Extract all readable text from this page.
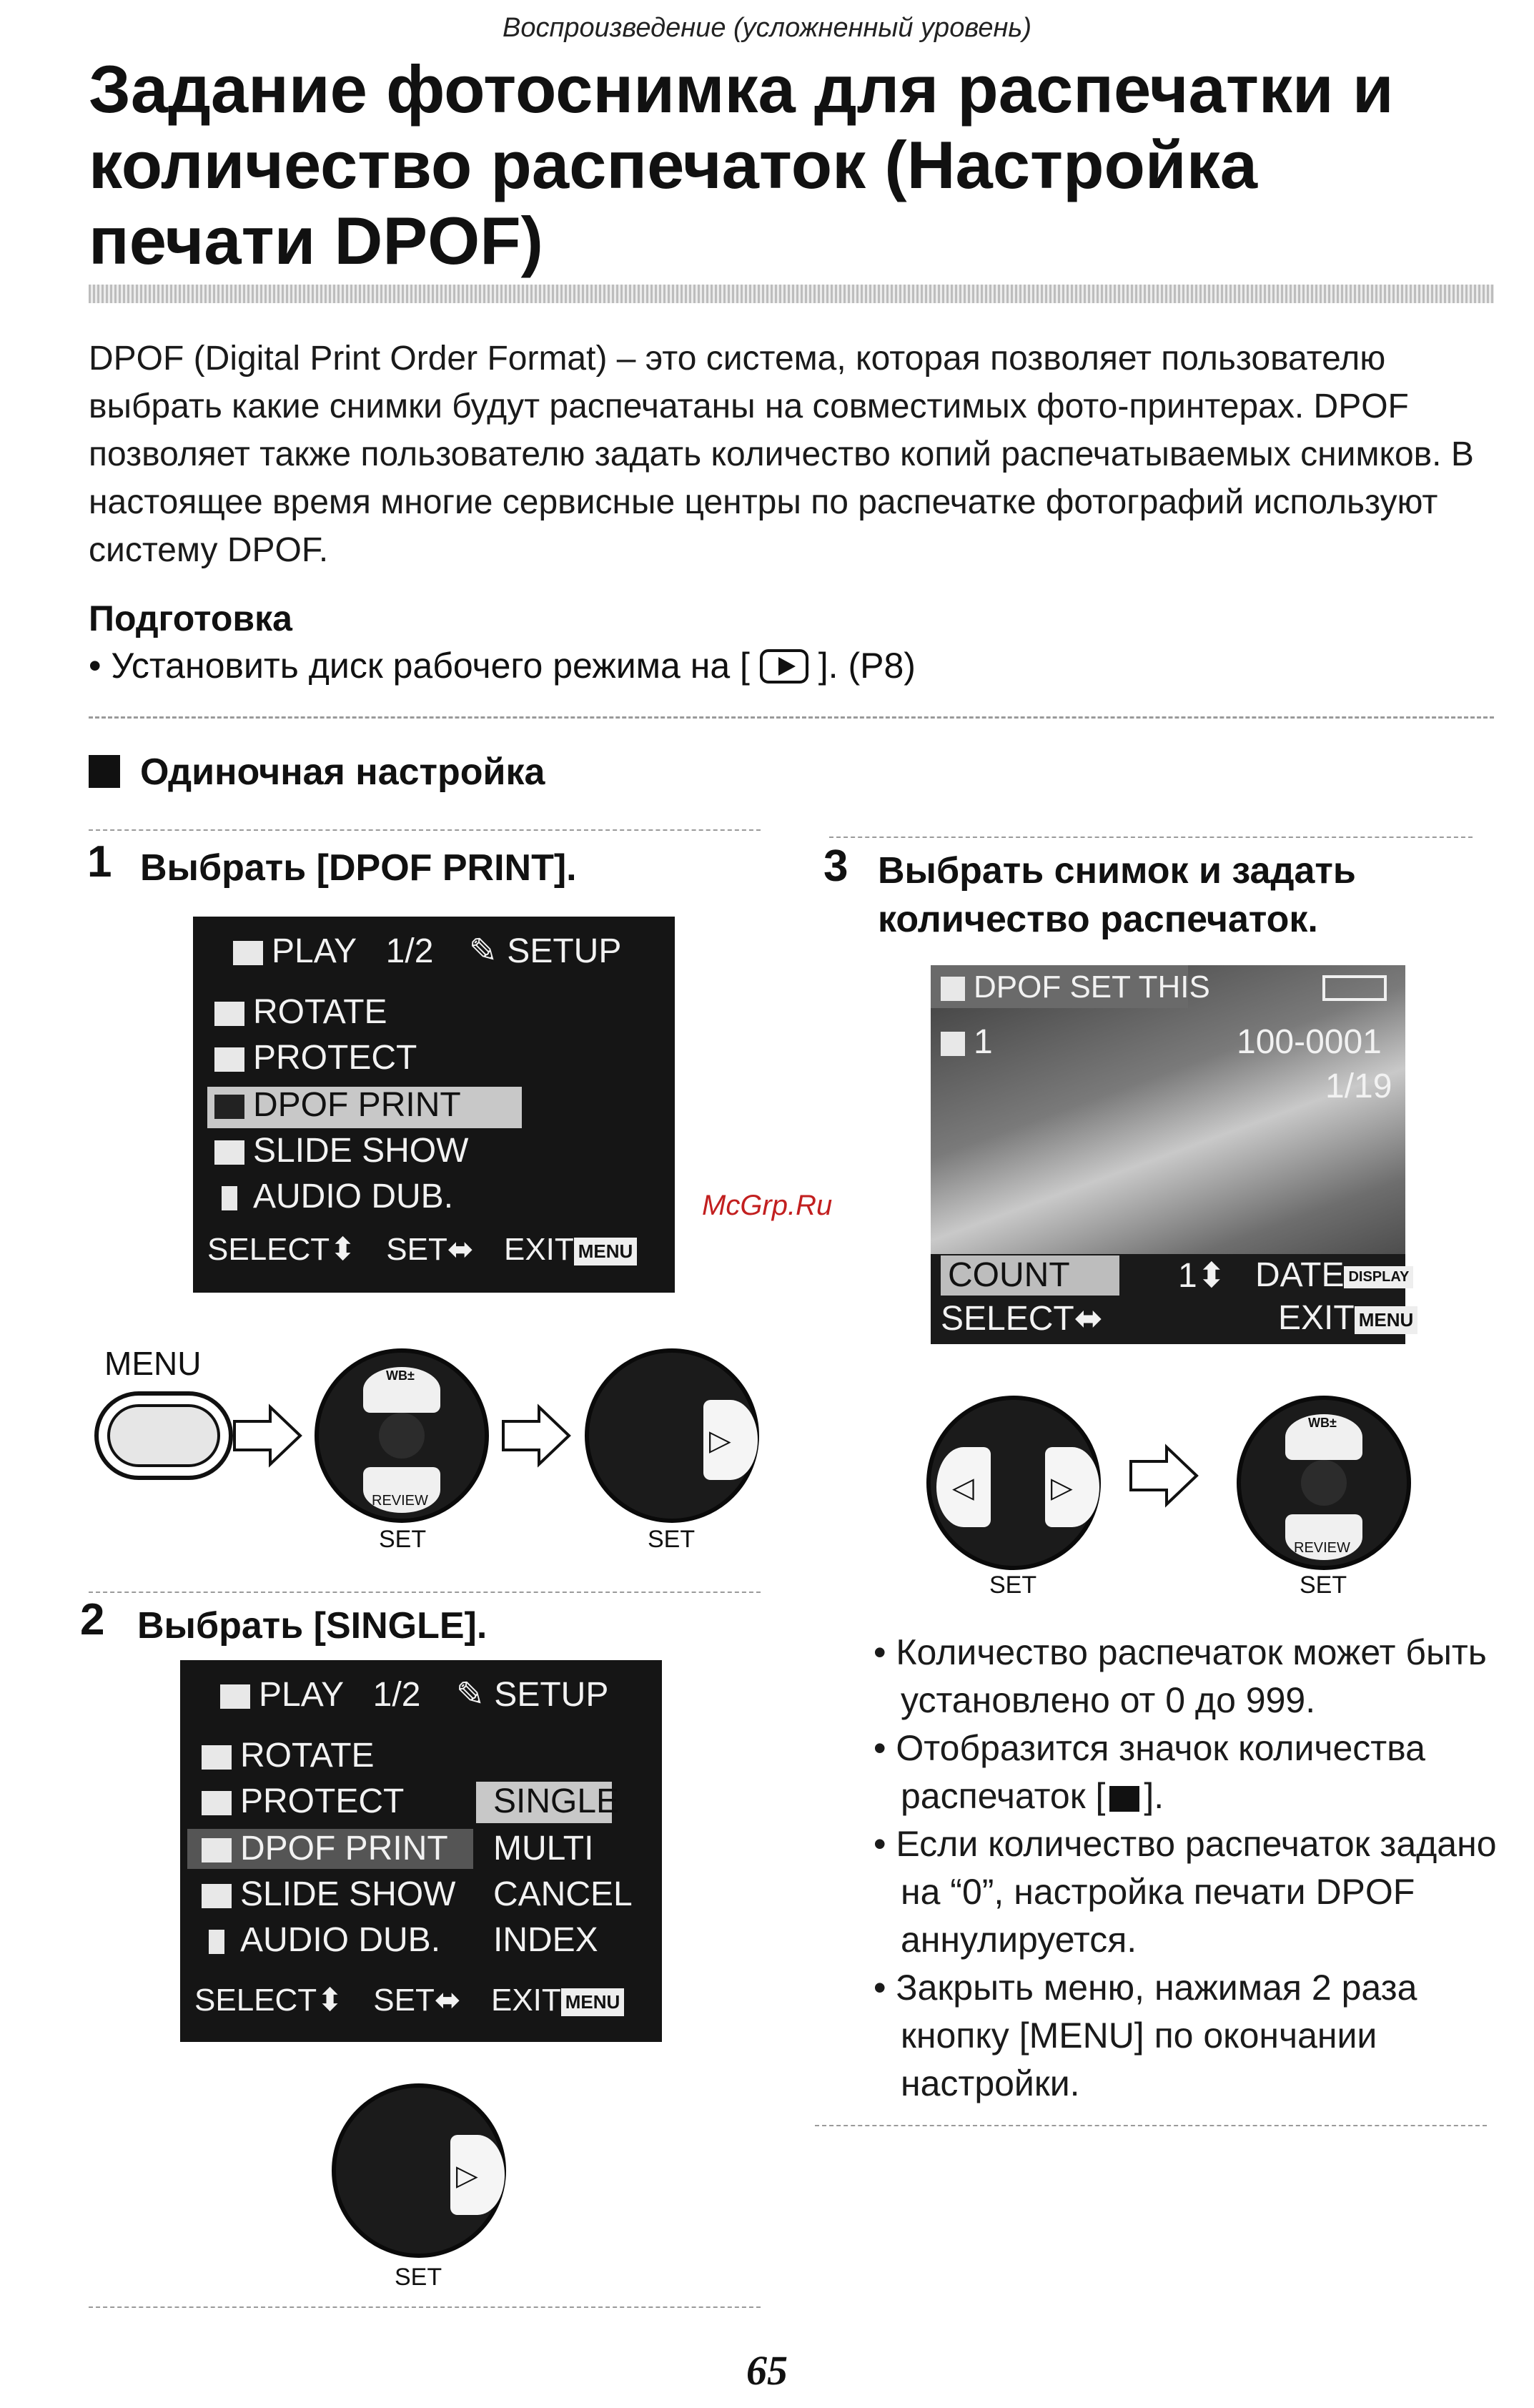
Воспроизведение (усложненный уровень)
Задание фотоснимка для распечатки и количество распечаток (Настройка печати DPOF)
DPOF (Digital Print Order Format) – это система, которая позволяет пользователю выбрать какие снимки будут распечатаны на совместимых фото-принтерах. DPOF позволяет также пользователю задать количество копий распечатываемых снимков. В настоящее время многие сервисные центры по распечатке фотографий используют систему DPOF.
Подготовка
• Установить диск рабочего режима на [ ]. (P8)
Одиночная настройка
1 Выбрать [DPOF PRINT].
PLAY 1/2 ✎ SETUP
ROTATE
PROTECT
DPOF PRINT
SLIDE SHOW
AUDIO DUB.
SELECT⬍ SET⬌ EXIT MENU
McGrp.Ru
MENU	WB±
REVIEW
SET
▷
SET
2 Выбрать [SINGLE].
PLAY 1/2 ✎ SETUP
ROTATE
PROTECT
DPOF PRINT
SLIDE SHOW
AUDIO DUB.
SINGLE
MULTI
CANCEL
INDEX
SELECT⬍ SET⬌ EXIT MENU
▷
SET
3 Выбрать снимок и задать количество распечаток.
DPOF SET THIS
1	100-0001
1/19
COUNT	1⬍ DATE DISPLAY
SELECT⬌	EXIT MENU
◁	▷
SET
WB±
REVIEW
SET

• Количество распечаток может быть установлено от 0 до 999.

• Отобразится значок количества распечаток [ ].

• Если количество распечаток задано на “0”, настройка печати DPOF аннулируется.

• Закрыть меню, нажимая 2 раза кнопку [MENU] по окончании настройки.

65
